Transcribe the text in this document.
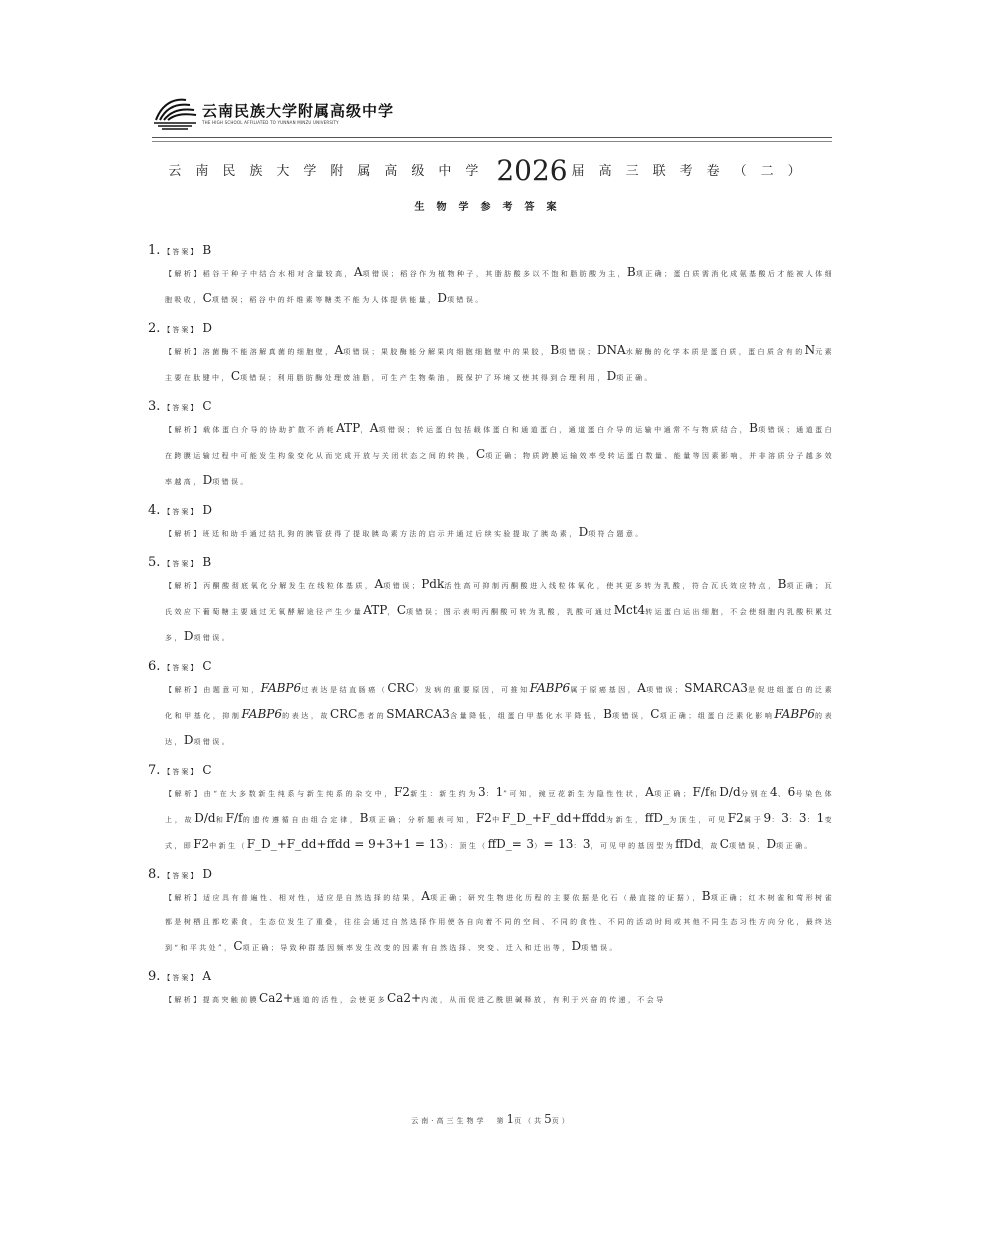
云南民族大学附属高级中学
THE HIGH SCHOOL AFFILIATED TO YUNNAN MINZU UNIVERSITY
云南民族大学附属高级中学 2026 届高三联考卷（二）
生物学参考答案
1. 【答案】 B
【解析】稻谷干种子中结合水相对含量较高，A项错误；稻谷作为植物种子，其脂肪酸多以不饱和脂肪酸为主，B项正确；蛋白质需消化成氨基酸后才能被人体细胞吸收，C项错误；稻谷中的纤维素等糖类不能为人体提供能量，D项错误。
2. 【答案】 D
【解析】溶菌酶不能溶解真菌的细胞壁，A项错误；果胶酶能分解果肉细胞细胞壁中的果胶，B项错误；DNA水解酶的化学本质是蛋白质，蛋白质含有的N元素主要在肽键中，C项错误；利用脂肪酶处理废油脂，可生产生物柴油，既保护了环境又使其得到合理利用，D项正确。
3. 【答案】 C
【解析】载体蛋白介导的协助扩散不消耗ATP，A项错误；转运蛋白包括载体蛋白和通道蛋白，通道蛋白介导的运输中通常不与物质结合，B项错误；通道蛋白在跨膜运输过程中可能发生构象变化从而完成开放与关闭状态之间的转换，C项正确；物质跨膜运输效率受转运蛋白数量、能量等因素影响，并非溶质分子越多效率越高，D项错误。
4. 【答案】 D
【解析】班廷和助手通过结扎狗的胰管获得了提取胰岛素方法的启示并通过后续实验提取了胰岛素，D项符合题意。
5. 【答案】 B
【解析】丙酮酸彻底氧化分解发生在线粒体基质，A项错误；Pdk活性高可抑制丙酮酸进入线粒体氧化，使其更多转为乳酸，符合瓦氏效应特点，B项正确；瓦氏效应下葡萄糖主要通过无氧酵解途径产生少量ATP，C项错误；图示表明丙酮酸可转为乳酸，乳酸可通过Mct4转运蛋白运出细胞，不会使细胞内乳酸积累过多，D项错误。
6. 【答案】 C
【解析】由题意可知，FABP6过表达是结直肠癌（CRC）发病的重要原因，可推知FABP6属于原癌基因，A项错误；SMARCA3是促进组蛋白的泛素化和甲基化，抑制FABP6的表达，故CRC患者的SMARCA3含量降低，组蛋白甲基化水平降低，B项错误，C项正确；组蛋白泛素化影响FABP6的表达，D项错误。
7. 【答案】 C
【解析】由“在大多数新生纯系与新生纯系的杂交中，F2新生：新生约为3：1”可知，豌豆花新生为隐性性状，A项正确；F/f和D/d分别在4、6号染色体上，故D/d和F/f的遗传遵循自由组合定律，B项正确；分析题表可知，F2中F_D_+F_dd+ffdd为新生，ffD_为顶生，可见F2属于9：3：3：1变式，即F2中新生（F_D_+F_dd+ffdd = 9+3+1 = 13）：顶生（ffD_= 3）= 13：3，可见甲的基因型为ffDd，故C项错误，D项正确。
8. 【答案】 D
【解析】适应具有普遍性、相对性，适应是自然选择的结果，A项正确；研究生物进化历程的主要依据是化石（最直接的证据），B项正确；红木树雀和莺形树雀都是树栖且都吃素食，生态位发生了重叠，往往会通过自然选择作用使各自向着不同的空间、不同的食性、不同的活动时间或其他不同生态习性方向分化，最终达到“和平共处”，C项正确；导致种群基因频率发生改变的因素有自然选择、突变、迁入和迁出等，D项错误。
9. 【答案】 A
【解析】提高突触前膜Ca2+通道的活性，会使更多Ca2+内流，从而促进乙酰胆碱释放，有利于兴奋的传递，不会导
云南·高三生物学　第1页（共5页）
